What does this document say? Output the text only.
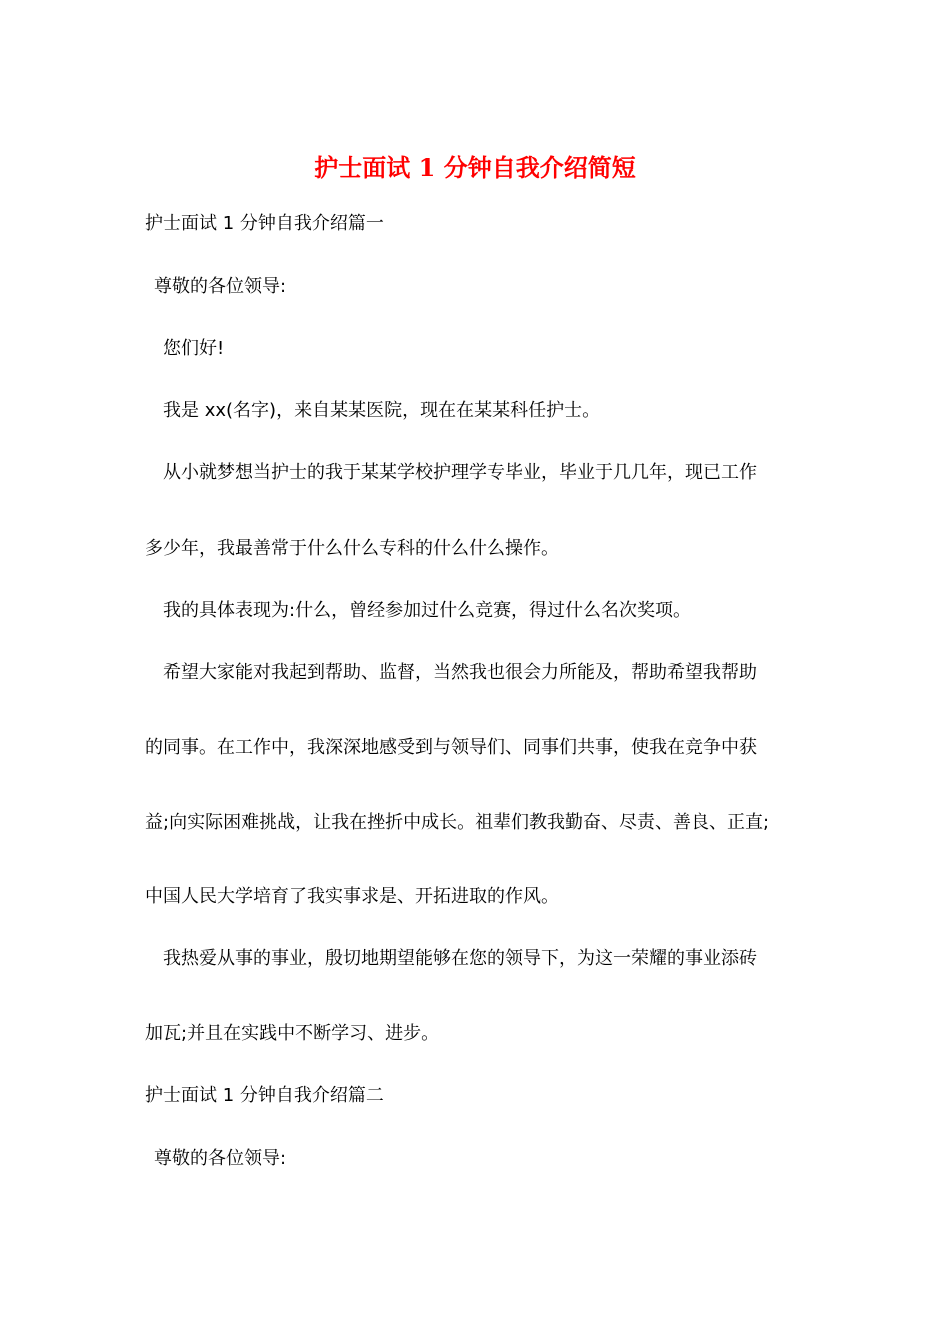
护士面试 1 分钟自我介绍简短

护士面试 1 分钟自我介绍篇一

尊敬的各位领导:

您们好!

我是 xx(名字)，来自某某医院，现在在某某科任护士。

从小就梦想当护士的我于某某学校护理学专毕业，毕业于几几年，现已工作

多少年，我最善常于什么什么专科的什么什么操作。

我的具体表现为:什么，曾经参加过什么竞赛，得过什么名次奖项。

希望大家能对我起到帮助、监督，当然我也很会力所能及，帮助希望我帮助

的同事。在工作中，我深深地感受到与领导们、同事们共事，使我在竞争中获

益;向实际困难挑战，让我在挫折中成长。祖辈们教我勤奋、尽责、善良、正直;

中国人民大学培育了我实事求是、开拓进取的作风。

我热爱从事的事业，殷切地期望能够在您的领导下，为这一荣耀的事业添砖

加瓦;并且在实践中不断学习、进步。

护士面试 1 分钟自我介绍篇二

尊敬的各位领导:
